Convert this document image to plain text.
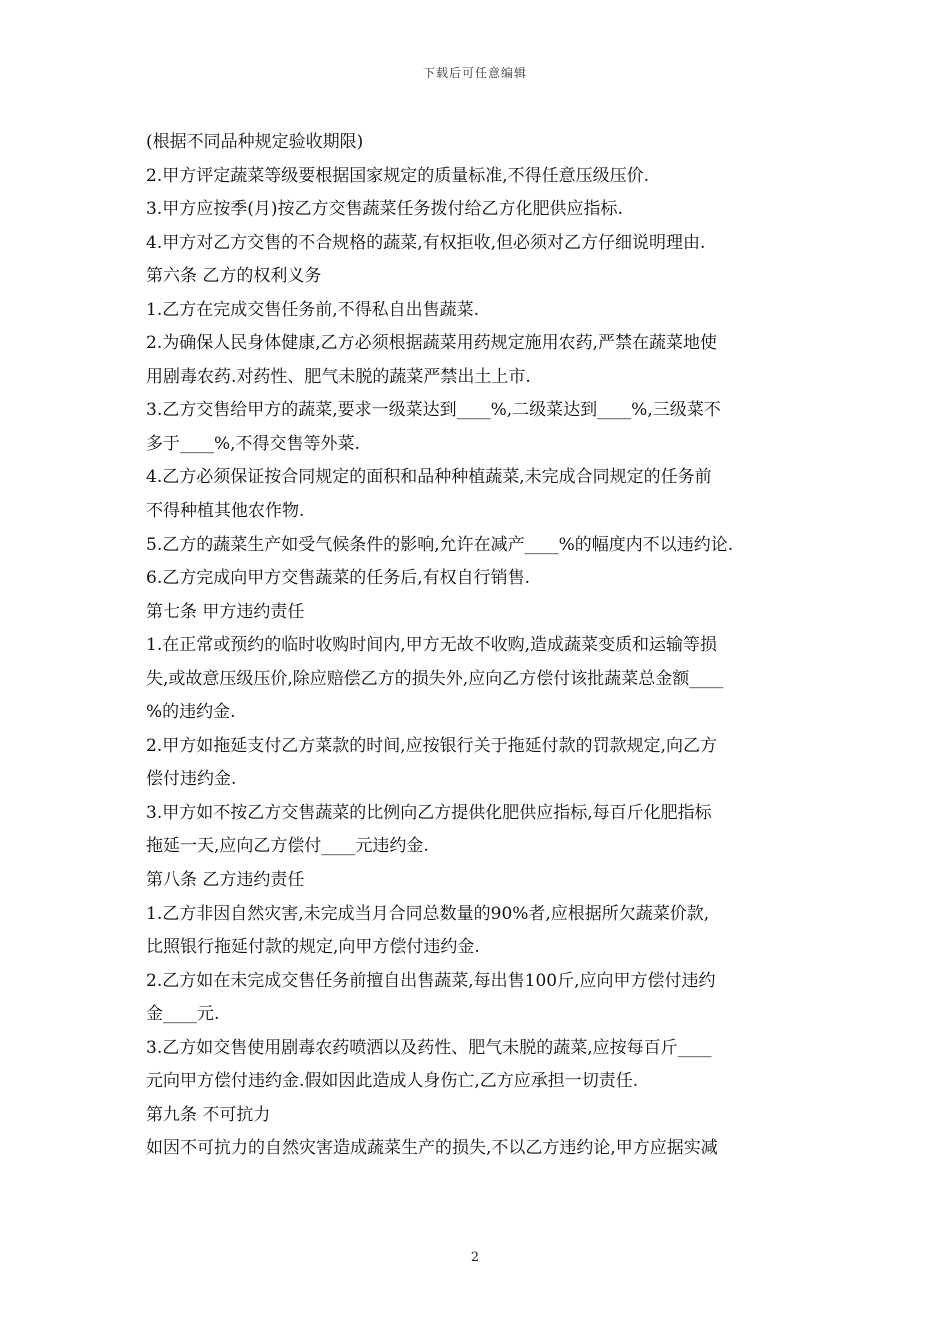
下载后可任意编辑
(根据不同品种规定验收期限)
2.甲方评定蔬菜等级要根据国家规定的质量标准,不得任意压级压价.
3.甲方应按季(月)按乙方交售蔬菜任务拨付给乙方化肥供应指标.
4.甲方对乙方交售的不合规格的蔬菜,有权拒收,但必须对乙方仔细说明理由.
第六条 乙方的权利义务
1.乙方在完成交售任务前,不得私自出售蔬菜.
2.为确保人民身体健康,乙方必须根据蔬菜用药规定施用农药,严禁在蔬菜地使
用剧毒农药.对药性、肥气未脱的蔬菜严禁出土上市.
3.乙方交售给甲方的蔬菜,要求一级菜达到____%,二级菜达到____%,三级菜不
多于____%,不得交售等外菜.
4.乙方必须保证按合同规定的面积和品种种植蔬菜,未完成合同规定的任务前
不得种植其他农作物.
5.乙方的蔬菜生产如受气候条件的影响,允许在减产____%的幅度内不以违约论.
6.乙方完成向甲方交售蔬菜的任务后,有权自行销售.
第七条 甲方违约责任
1.在正常或预约的临时收购时间内,甲方无故不收购,造成蔬菜变质和运输等损
失,或故意压级压价,除应赔偿乙方的损失外,应向乙方偿付该批蔬菜总金额____
%的违约金.
2.甲方如拖延支付乙方菜款的时间,应按银行关于拖延付款的罚款规定,向乙方
偿付违约金.
3.甲方如不按乙方交售蔬菜的比例向乙方提供化肥供应指标,每百斤化肥指标
拖延一天,应向乙方偿付____元违约金.
第八条 乙方违约责任
1.乙方非因自然灾害,未完成当月合同总数量的90%者,应根据所欠蔬菜价款,
比照银行拖延付款的规定,向甲方偿付违约金.
2.乙方如在未完成交售任务前擅自出售蔬菜,每出售100斤,应向甲方偿付违约
金____元.
3.乙方如交售使用剧毒农药喷洒以及药性、肥气未脱的蔬菜,应按每百斤____
元向甲方偿付违约金.假如因此造成人身伤亡,乙方应承担一切责任.
第九条 不可抗力
如因不可抗力的自然灾害造成蔬菜生产的损失,不以乙方违约论,甲方应据实减
2
